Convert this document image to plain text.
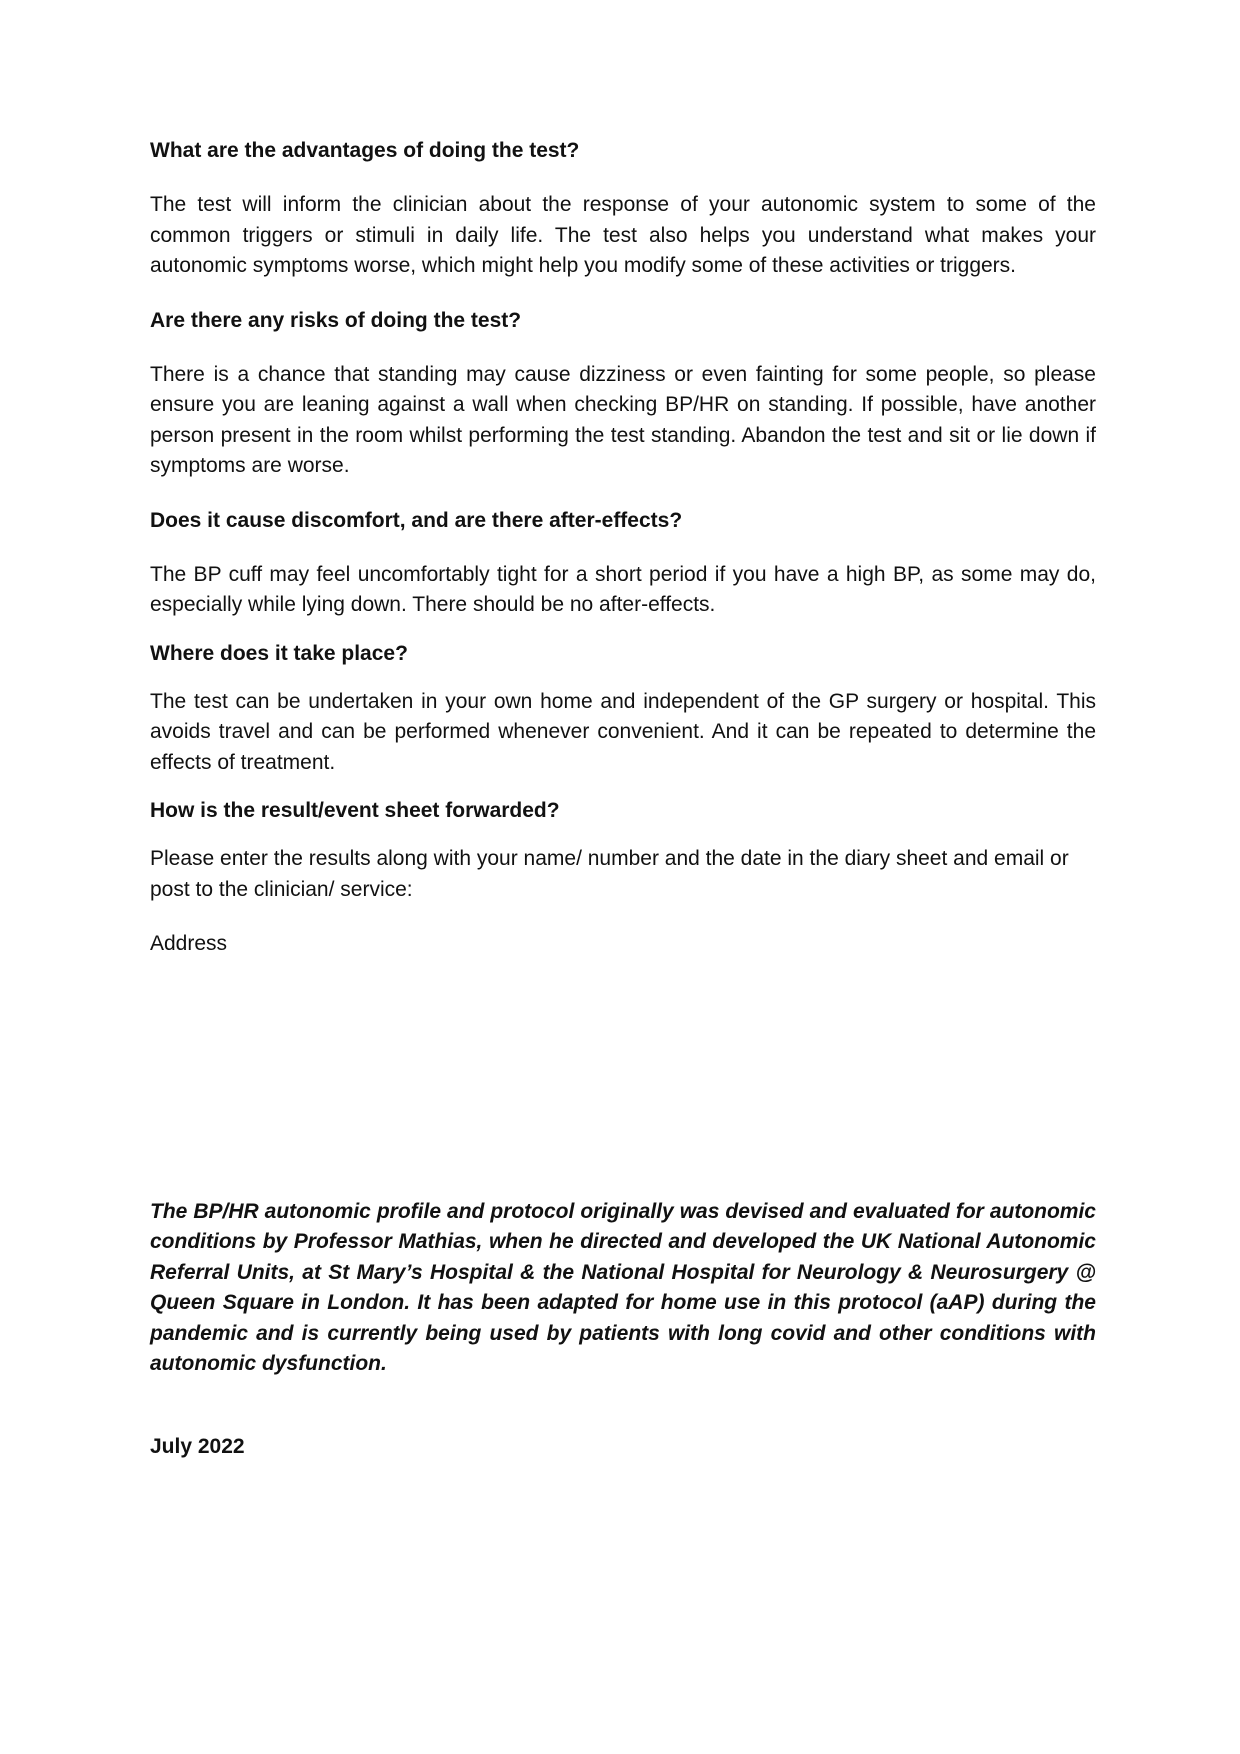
What are the advantages of doing the test?

The test will inform the clinician about the response of your autonomic system to some of the common triggers or stimuli in daily life. The test also helps you understand what makes your autonomic symptoms worse, which might help you modify some of these activities or triggers.

Are there any risks of doing the test?

There is a chance that standing may cause dizziness or even fainting for some people, so please ensure you are leaning against a wall when checking BP/HR on standing. If possible, have another person present in the room whilst performing the test standing. Abandon the test and sit or lie down if symptoms are worse.

Does it cause discomfort, and are there after-effects?

The BP cuff may feel uncomfortably tight for a short period if you have a high BP, as some may do, especially while lying down. There should be no after-effects.

Where does it take place?

The test can be undertaken in your own home and independent of the GP surgery or hospital. This avoids travel and can be performed whenever convenient. And it can be repeated to determine the effects of treatment.

How is the result/event sheet forwarded?

Please enter the results along with your name/ number and the date in the diary sheet and email or post to the clinician/ service:

Address

The BP/HR autonomic profile and protocol originally was devised and evaluated for autonomic conditions by Professor Mathias, when he directed and developed the UK National Autonomic Referral Units, at St Mary’s Hospital & the National Hospital for Neurology & Neurosurgery @ Queen Square in London. It has been adapted for home use in this protocol (aAP) during the pandemic and is currently being used by patients with long covid and other conditions with autonomic dysfunction.

July 2022
